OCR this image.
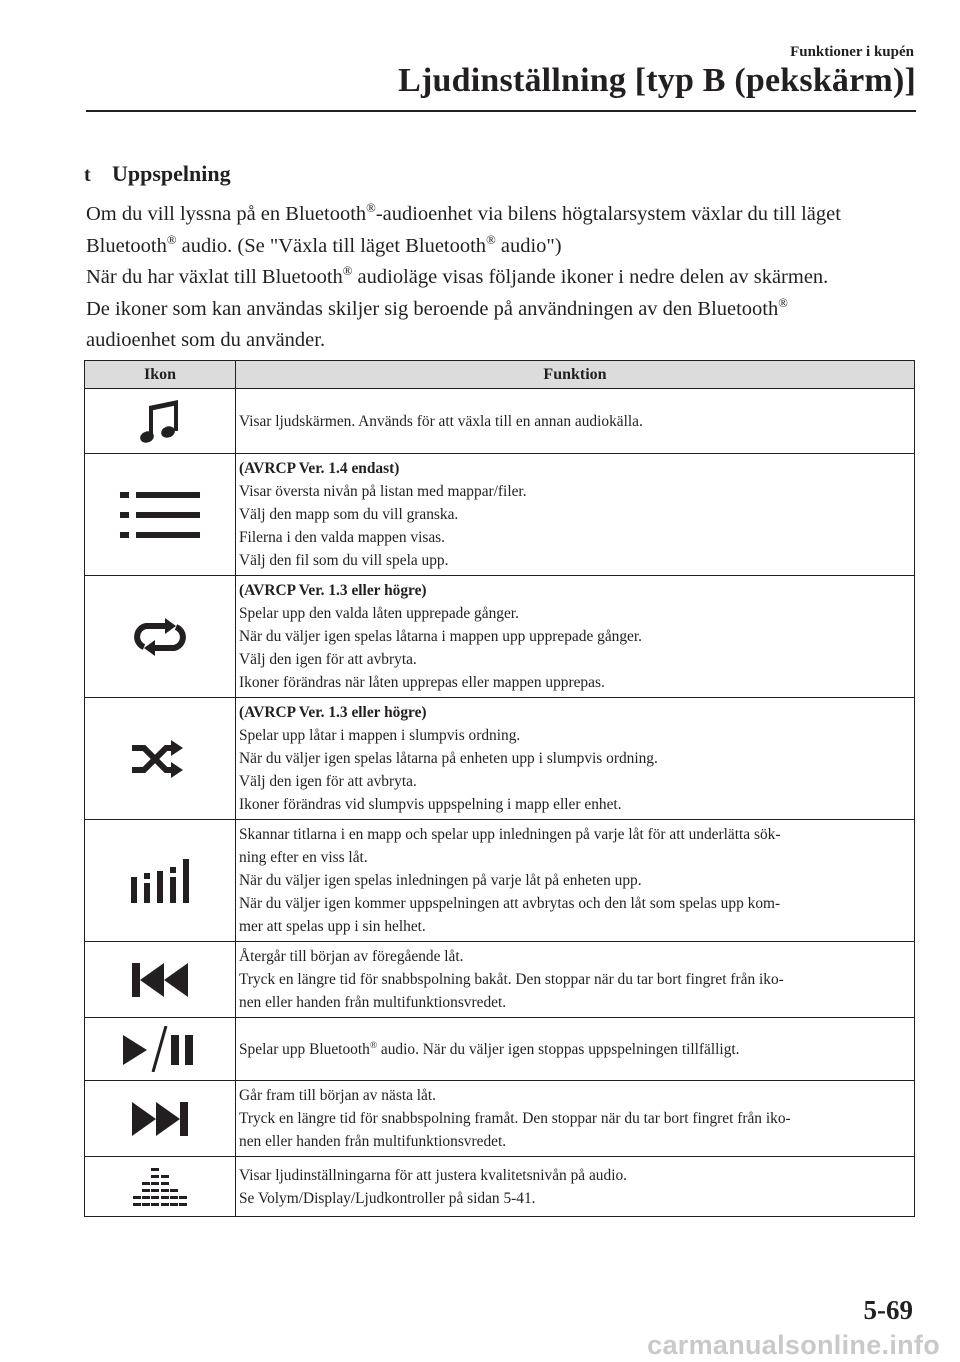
Funktioner i kupén
Ljudinställning [typ B (pekskärm)]
t Uppspelning

Om du vill lyssna på en Bluetooth®-audioenhet via bilens högtalarsystem växlar du till läget

Bluetooth® audio. (Se "Växla till läget Bluetooth® audio")

När du har växlat till Bluetooth® audioläge visas följande ikoner i nedre delen av skärmen.

De ikoner som kan användas skiljer sig beroende på användningen av den Bluetooth®

audioenhet som du använder.

Ikon	Funktion

Visar ljudskärmen. Används för att växla till en annan audiokälla.

(AVRCP Ver. 1.4 endast)
Visar översta nivån på listan med mappar/filer.
Välj den mapp som du vill granska.
Filerna i den valda mappen visas.
Välj den fil som du vill spela upp.

(AVRCP Ver. 1.3 eller högre)
Spelar upp den valda låten upprepade gånger.
När du väljer igen spelas låtarna i mappen upp upprepade gånger.
Välj den igen för att avbryta.
Ikoner förändras när låten upprepas eller mappen upprepas.

(AVRCP Ver. 1.3 eller högre)
Spelar upp låtar i mappen i slumpvis ordning.
När du väljer igen spelas låtarna på enheten upp i slumpvis ordning.
Välj den igen för att avbryta.
Ikoner förändras vid slumpvis uppspelning i mapp eller enhet.

Skannar titlarna i en mapp och spelar upp inledningen på varje låt för att underlätta sök-
ning efter en viss låt.
När du väljer igen spelas inledningen på varje låt på enheten upp.
När du väljer igen kommer uppspelningen att avbrytas och den låt som spelas upp kom-
mer att spelas upp i sin helhet.

Återgår till början av föregående låt.
Tryck en längre tid för snabbspolning bakåt. Den stoppar när du tar bort fingret från iko-
nen eller handen från multifunktionsvredet.

Spelar upp Bluetooth® audio. När du väljer igen stoppas uppspelningen tillfälligt.

Går fram till början av nästa låt.
Tryck en längre tid för snabbspolning framåt. Den stoppar när du tar bort fingret från iko-
nen eller handen från multifunktionsvredet.

Visar ljudinställningarna för att justera kvalitetsnivån på audio.
Se Volym/Display/Ljudkontroller på sidan 5-41.
5-69
carmanualsonline.info
